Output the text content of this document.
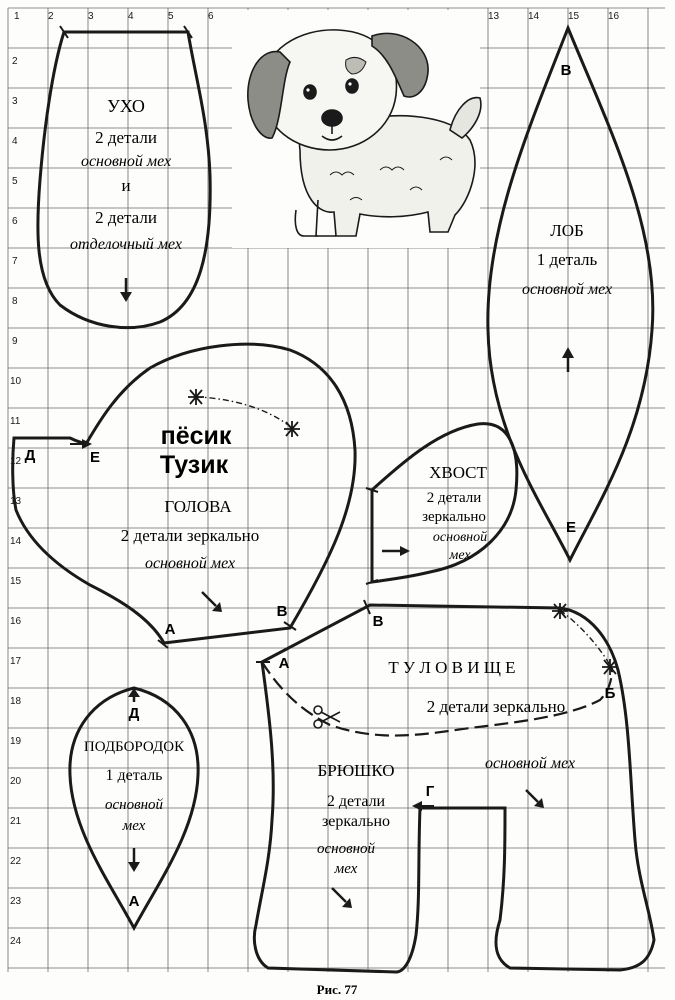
1	2	3	4	5	6	13	14	15	16
2
3
4
5
6
7
8
9
10
11
12
13
14
15
16
17
18
19
20
21
22
23
24
УХО
2 детали
основной мех
и
2 детали
отделочный мех
В
ЛОБ
1 деталь
основной мех
Е
пёсик
Тузик
ГОЛОВА
2 детали зеркально
основной мех
Д	Е
А
В
ХВОСТ
2 детали
зеркально
основной
мех
Д
ПОДБОРОДОК
1 деталь
основной
мех
А
В
А
Б
Г
Т У Л О В И Щ Е
2 детали зеркально
основной мех
БРЮШКО
2 детали
зеркально
основной
мех
Рис. 77
